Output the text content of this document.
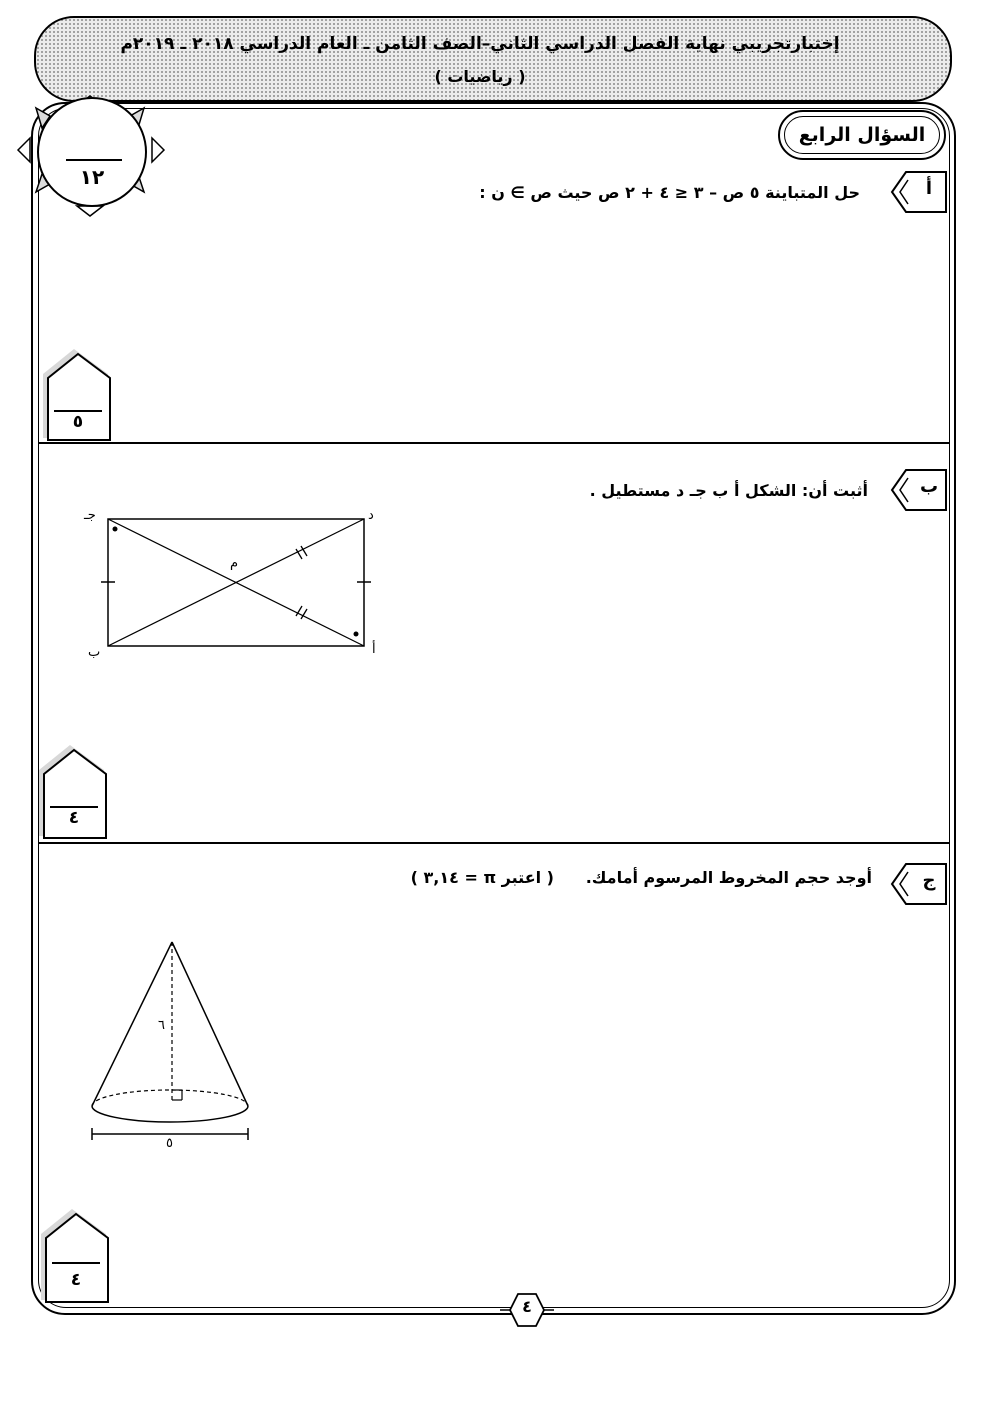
إختبارتجريبي نهاية الفصل الدراسي الثاني–الصف الثامن ـ العام الدراسي ٢٠١٨ ـ ٢٠١٩م
( رياضيات )
١٢
السؤال الرابع
أ
حل المتباينة ٥ ص – ٣ ≤ ٤ + ٢ ص حيث ص ∋ ن :
٥
ب
أثبت أن: الشكل أ ب جـ د مستطيل .
جـ	د
ب	أ
م
٤
ج
أوجد حجم المخروط المرسوم أمامك.
( اعتبر π = ٣,١٤ )
٦
٥
٤
٤
